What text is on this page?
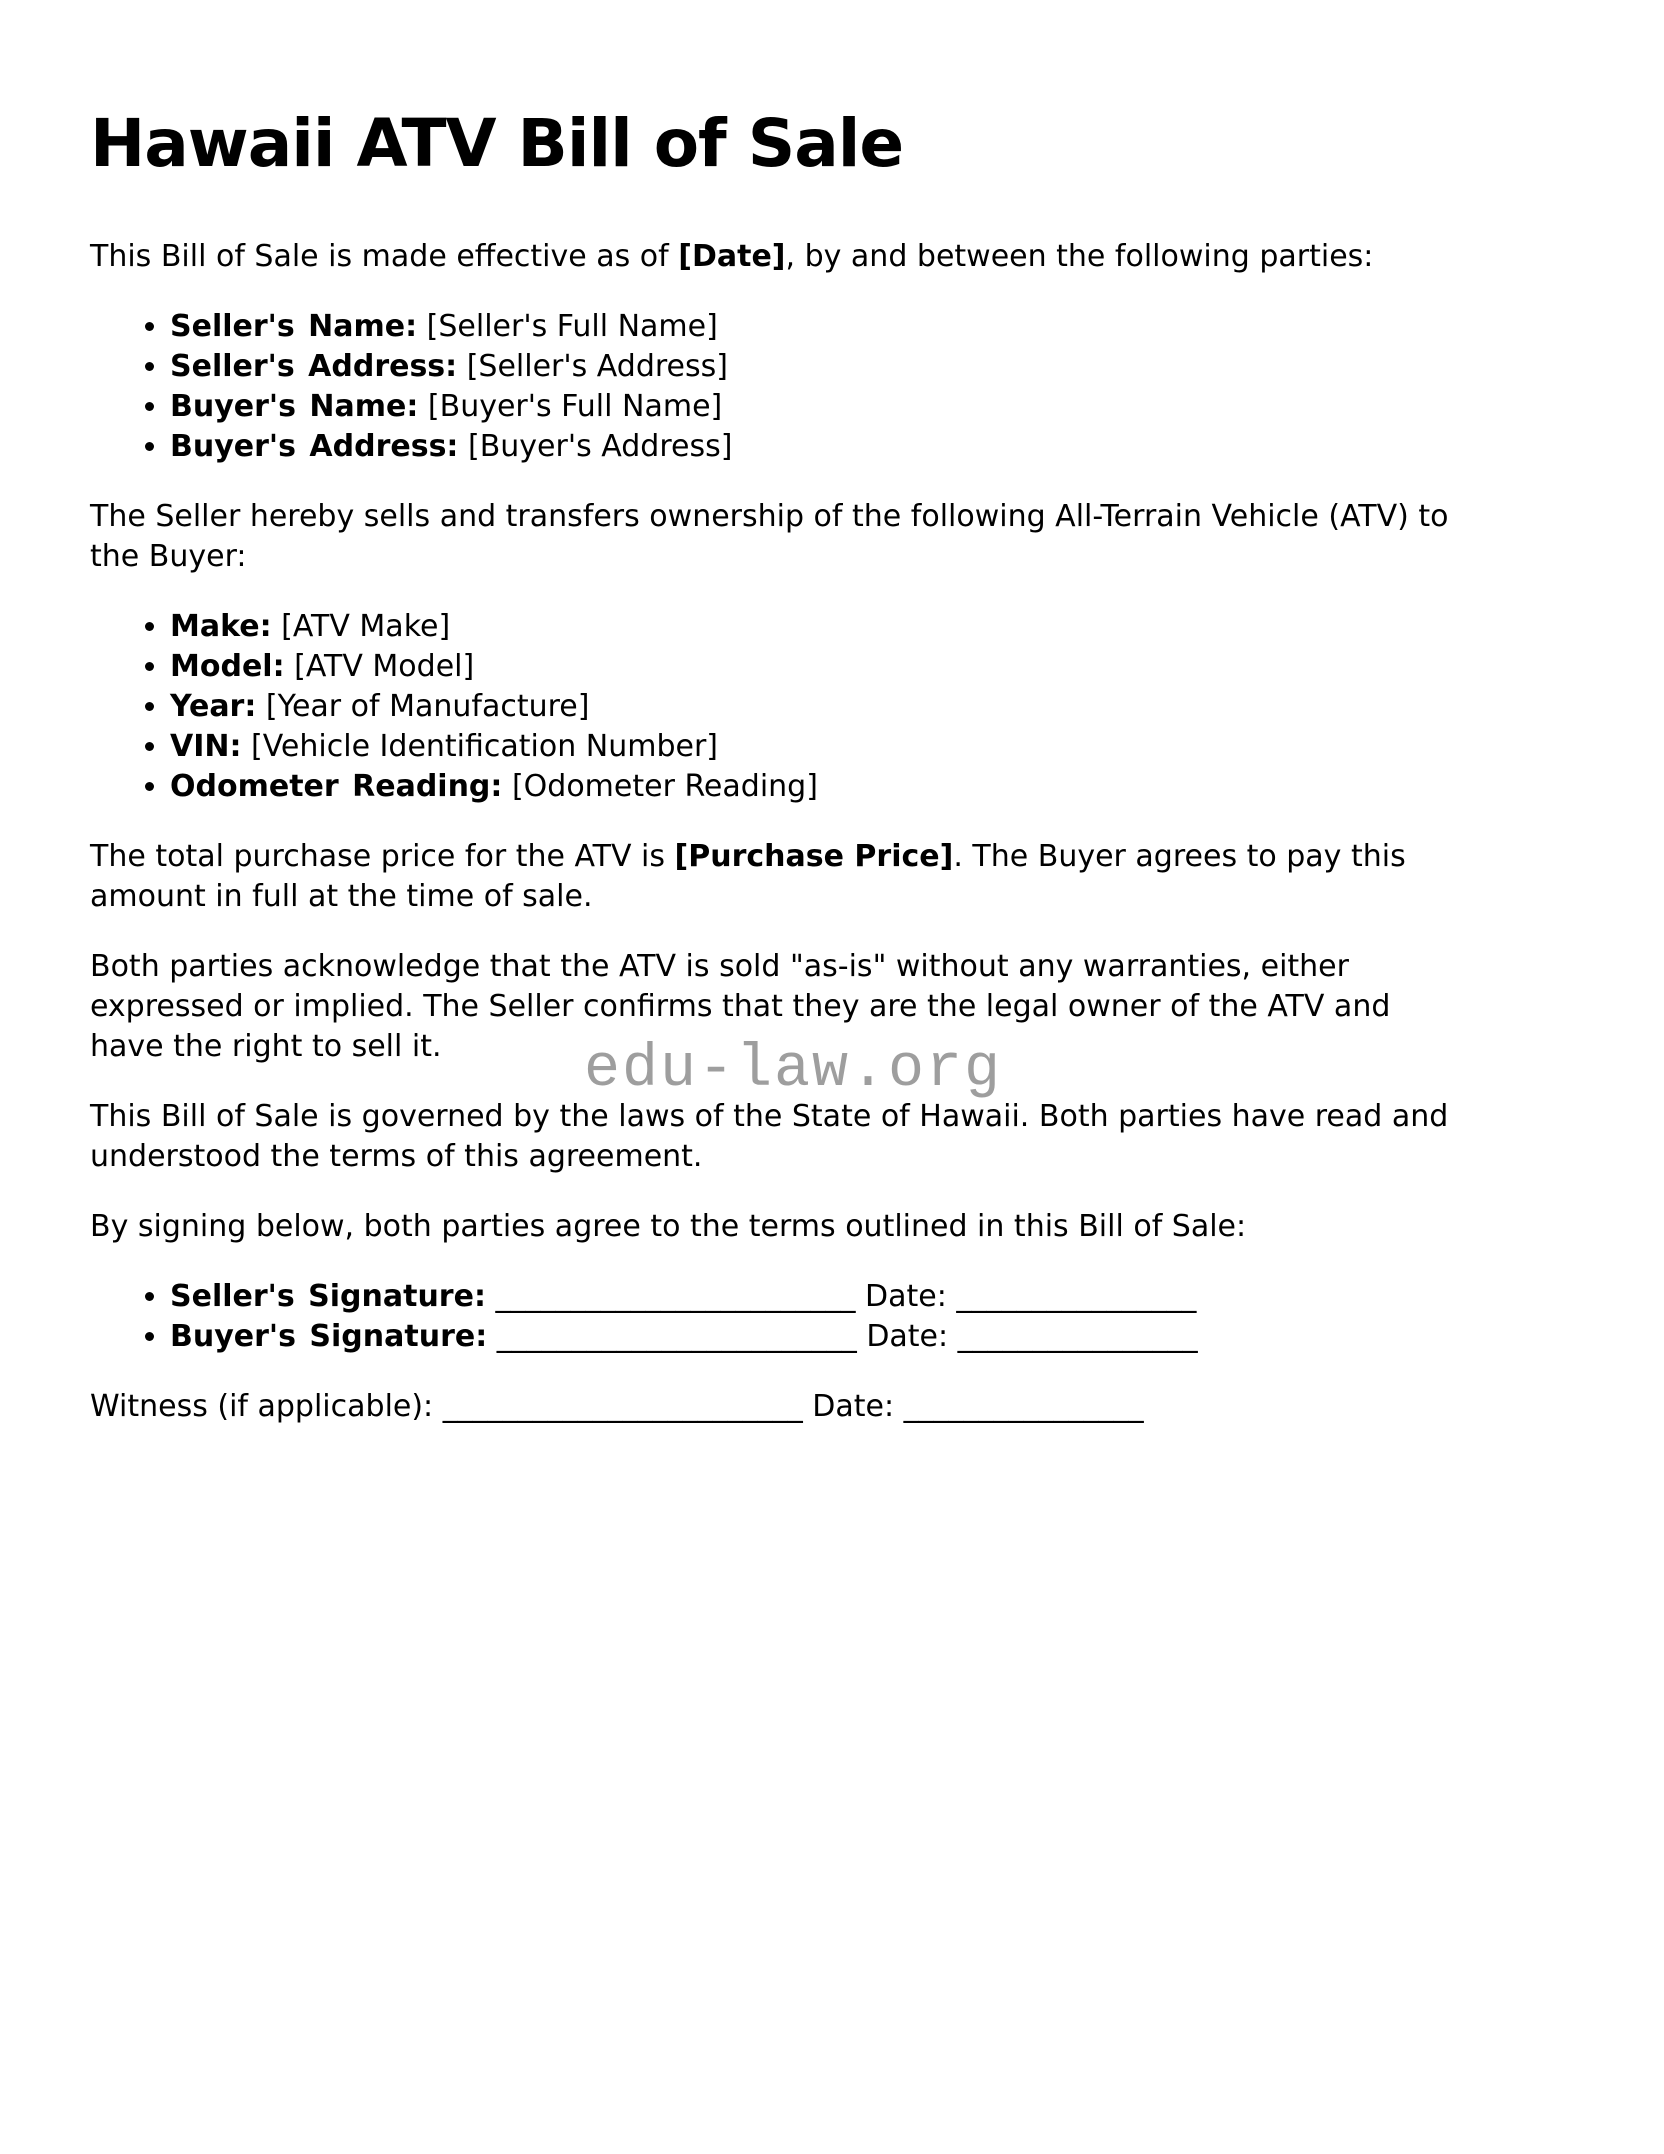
edu-law.org
Hawaii ATV Bill of Sale

This Bill of Sale is made effective as of [Date], by and between the following parties:

• Seller's Name: [Seller's Full Name]
• Seller's Address: [Seller's Address]
• Buyer's Name: [Buyer's Full Name]
• Buyer's Address: [Buyer's Address]

The Seller hereby sells and transfers ownership of the following All-Terrain Vehicle (ATV) to
the Buyer:

• Make: [ATV Make]
• Model: [ATV Model]
• Year: [Year of Manufacture]
• VIN: [Vehicle Identification Number]
• Odometer Reading: [Odometer Reading]

The total purchase price for the ATV is [Purchase Price]. The Buyer agrees to pay this
amount in full at the time of sale.

Both parties acknowledge that the ATV is sold "as-is" without any warranties, either
expressed or implied. The Seller confirms that they are the legal owner of the ATV and
have the right to sell it.

This Bill of Sale is governed by the laws of the State of Hawaii. Both parties have read and
understood the terms of this agreement.

By signing below, both parties agree to the terms outlined in this Bill of Sale:

• Seller's Signature: ________________________ Date: ________________
• Buyer's Signature: ________________________ Date: ________________

Witness (if applicable): ________________________ Date: ________________
